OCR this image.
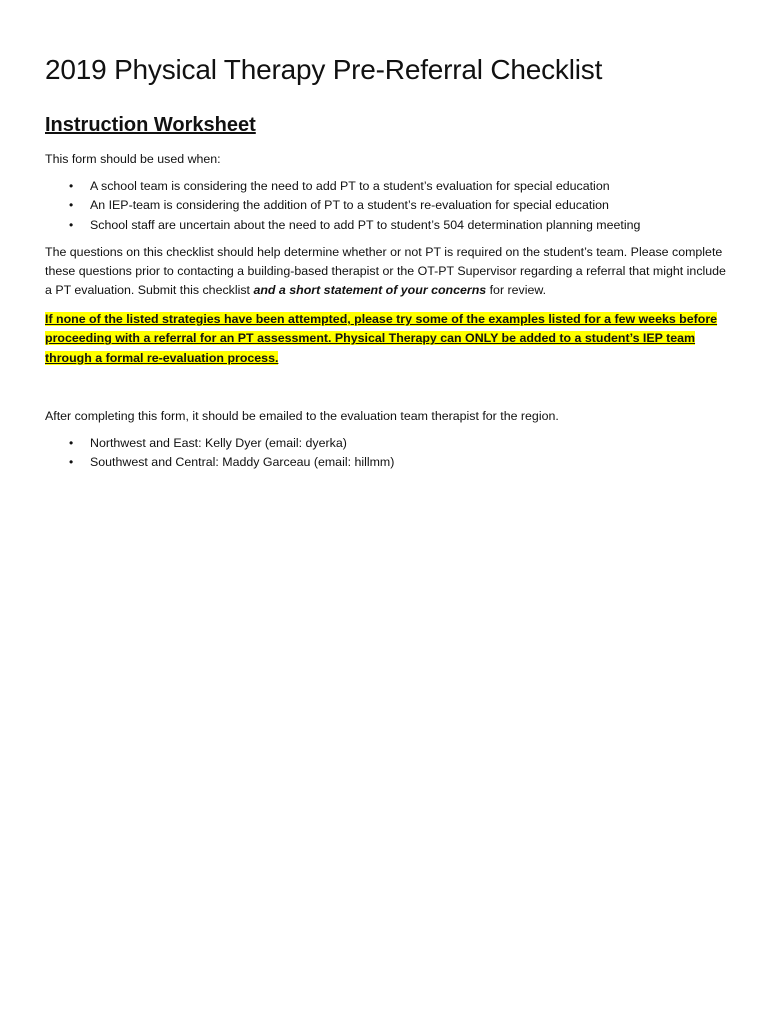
2019 Physical Therapy Pre-Referral Checklist
Instruction Worksheet

This form should be used when:

• A school team is considering the need to add PT to a student’s evaluation for special education
• An IEP-team is considering the addition of PT to a student’s re-evaluation for special education
• School staff are uncertain about the need to add PT to student’s 504 determination planning meeting

The questions on this checklist should help determine whether or not PT is required on the student’s team. Please complete these questions prior to contacting a building-based therapist or the OT-PT Supervisor regarding a referral that might include a PT evaluation. Submit this checklist and a short statement of your concerns for review.

If none of the listed strategies have been attempted, please try some of the examples listed for a few weeks before proceeding with a referral for an PT assessment. Physical Therapy can ONLY be added to a student’s IEP team through a formal re-evaluation process.

After completing this form, it should be emailed to the evaluation team therapist for the region.

• Northwest and East: Kelly Dyer (email: dyerka)
• Southwest and Central: Maddy Garceau (email: hillmm)
